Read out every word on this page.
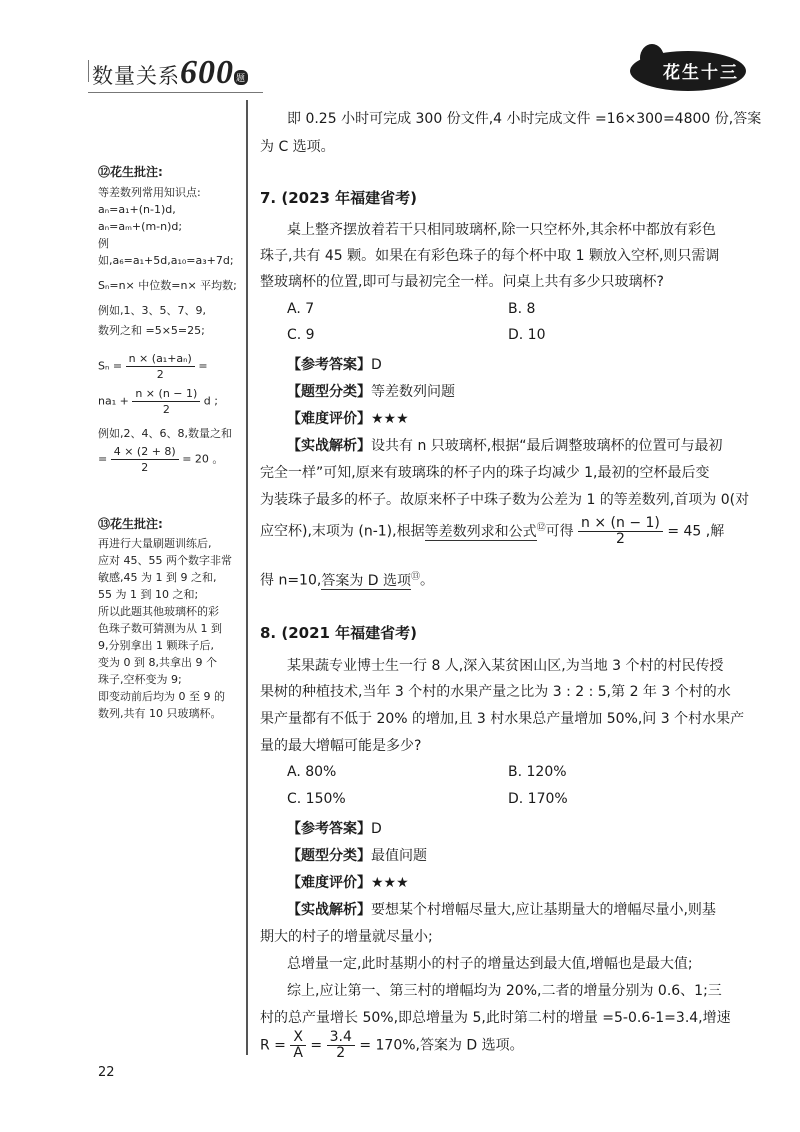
数量关系600 题	花生十三
⑫花生批注:
等差数列常用知识点:
aₙ=a₁+(n-1)d,
aₙ=aₘ+(m-n)d;
例如,a₆=a₁+5d,a₁₀=a₃+7d;
Sₙ=n× 中位数=n× 平均数;
例如,1、3、5、7、9,
数列之和 =5×5=25;
$S_n = \frac{\text{n × (a₁+aₙ)}}{2}$ =
$na_1 + \frac{n \times (n - 1)}{2}$ d ;
例如,2、4、6、8,数量之和
= $\frac{4 \times (2 + 8)}{2} = 20$ 。
⑬花生批注:
再进行大量刷题训练后,
应对 45、55 两个数字非常
敏感,45 为 1 到 9 之和,
55 为 1 到 10 之和;
所以此题其他玻璃杯的彩
色珠子数可猜测为从 1 到
9,分别拿出 1 颗珠子后,
变为 0 到 8,共拿出 9 个
珠子,空杯变为 9;
即变动前后均为 0 至 9 的
数列,共有 10 只玻璃杯。
即 0.25 小时可完成 300 份文件,4 小时完成文件 =16×300=4800 份,答案
为 C 选项。
7. (2023 年福建省考)
桌上整齐摆放着若干只相同玻璃杯,除一只空杯外,其余杯中都放有彩色
珠子,共有 45 颗。如果在有彩色珠子的每个杯中取 1 颗放入空杯,则只需调
整玻璃杯的位置,即可与最初完全一样。问桌上共有多少只玻璃杯?
A. 7	B. 8
C. 9	D. 10
【参考答案】D
【题型分类】等差数列问题
【难度评价】★★★
【实战解析】设共有 n 只玻璃杯,根据“最后调整玻璃杯的位置可与最初
完全一样”可知,原来有玻璃珠的杯子内的珠子均减少 1,最初的空杯最后变
为装珠子最多的杯子。故原来杯子中珠子数为公差为 1 的等差数列,首项为 0(对
应空杯),末项为 (n-1),根据等差数列求和公式⑫可得 $\frac{n \times (n - 1)}{2} = 45$ ,解
得 n=10,答案为 D 选项⑬。
8. (2021 年福建省考)
某果蔬专业博士生一行 8 人,深入某贫困山区,为当地 3 个村的村民传授
果树的种植技术,当年 3 个村的水果产量之比为 3 : 2 : 5,第 2 年 3 个村的水
果产量都有不低于 20% 的增加,且 3 村水果总产量增加 50%,问 3 个村水果产
量的最大增幅可能是多少?
A. 80%	B. 120%
C. 150%	D. 170%
【参考答案】D
【题型分类】最值问题
【难度评价】★★★
【实战解析】要想某个村增幅尽量大,应让基期量大的增幅尽量小,则基
期大的村子的增量就尽量小;
总增量一定,此时基期小的村子的增量达到最大值,增幅也是最大值;
综上,应让第一、第三村的增幅均为 20%,二者的增量分别为 0.6、1;三
村的总产量增长 50%,即总增量为 5,此时第二村的增量 =5-0.6-1=3.4,增速
$R = \frac{X}{A} = \frac{3.4}{2} = 170\%$,答案为 D 选项。
22
